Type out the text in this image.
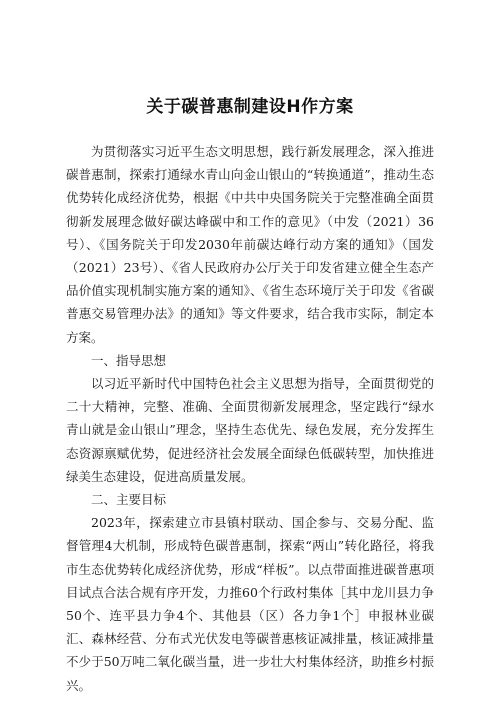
关于碳普惠制建设H作方案

为贯彻落实习近平生态文明思想，践行新发展理念，深入推进碳普惠制，探索打通绿水青山向金山银山的“转换通道”，推动生态优势转化成经济优势，根据《中共中央国务院关于完整准确全面贯彻新发展理念做好碳达峰碳中和工作的意见》（中发（2021）36号）、《国务院关于印发2030年前碳达峰行动方案的通知》（国发（2021）23号）、《省人民政府办公厅关于印发省建立健全生态产品价值实现机制实施方案的通知》、《省生态环境厅关于印发《省碳普惠交易管理办法》的通知》等文件要求，结合我市实际，制定本方案。

一、指导思想

以习近平新时代中国特色社会主义思想为指导，全面贯彻党的二十大精神，完整、准确、全面贯彻新发展理念，坚定践行“绿水青山就是金山银山”理念，坚持生态优先、绿色发展，充分发挥生态资源禀赋优势，促进经济社会发展全面绿色低碳转型，加快推进绿美生态建设，促进高质量发展。

二、主要目标

2023年，探索建立市县镇村联动、国企参与、交易分配、监督管理4大机制，形成特色碳普惠制，探索“两山”转化路径，将我市生态优势转化成经济优势，形成“样板”。以点带面推进碳普惠项目试点合法合规有序开发，力推60个行政村集体［其中龙川县力争50个、连平县力争4个、其他县（区）各力争1个］申报林业碳汇、森林经营、分布式光伏发电等碳普惠核证减排量，核证减排量不少于50万吨二氧化碳当量，进一步壮大村集体经济，助推乡村振兴。
